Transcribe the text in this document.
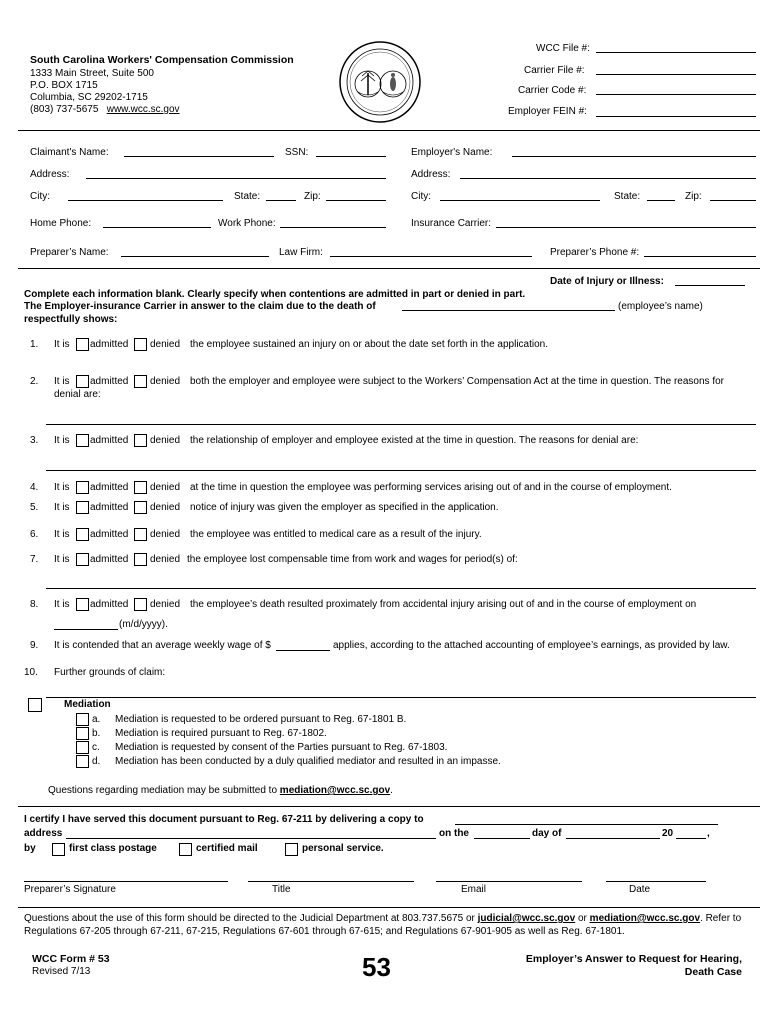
South Carolina Workers' Compensation Commission
1333 Main Street, Suite 500
P.O. BOX 1715
Columbia, SC 29202-1715
(803) 737-5675 www.wcc.sc.gov
WCC File #:
Carrier File #:
Carrier Code #:
Employer FEIN #:
Claimant's Name:	SSN:	Employer's Name:
Address:	Address:
City:	State:	Zip:	City:	State:	Zip:
Home Phone:	Work Phone:	Insurance Carrier:
Preparer’s Name:	Law Firm:	Preparer’s Phone #:
Date of Injury or Illness:
Complete each information blank. Clearly specify when contentions are admitted in part or denied in part.
The Employer-insurance Carrier in answer to the claim due to the death of	(employee’s name)
respectfully shows:
1. It is admitted denied the employee sustained an injury on or about the date set forth in the application.
2. It is admitted denied both the employer and employee were subject to the Workers’ Compensation Act at the time in question. The reasons for
denial are:
3. It is admitted denied the relationship of employer and employee existed at the time in question. The reasons for denial are:
4. It is admitted denied at the time in question the employee was performing services arising out of and in the course of employment.
5. It is admitted denied notice of injury was given the employer as specified in the application.
6. It is admitted denied the employee was entitled to medical care as a result of the injury.
7. It is admitted denied the employee lost compensable time from work and wages for period(s) of:
8. It is admitted denied the employee’s death resulted proximately from accidental injury arising out of and in the course of employment on
(m/d/yyyy).
9. It is contended that an average weekly wage of $	applies, according to the attached accounting of employee’s earnings, as provided by law.
10. Further grounds of claim:
Mediation
a. Mediation is requested to be ordered pursuant to Reg. 67-1801 B.
b. Mediation is required pursuant to Reg. 67-1802.
c. Mediation is requested by consent of the Parties pursuant to Reg. 67-1803.
d. Mediation has been conducted by a duly qualified mediator and resulted in an impasse.
Questions regarding mediation may be submitted to mediation@wcc.sc.gov.
I certify I have served this document pursuant to Reg. 67-211 by delivering a copy to
address	on the	day of	20	,
by	first class postage	certified mail	personal service.
Preparer’s Signature	Title	Email	Date
Questions about the use of this form should be directed to the Judicial Department at 803.737.5675 or judicial@wcc.sc.gov or mediation@wcc.sc.gov. Refer to
Regulations 67-205 through 67-211, 67-215, Regulations 67-601 through 67-615; and Regulations 67-901-905 as well as Reg. 67-1801.
WCC Form # 53
Revised 7/13	53	Employer’s Answer to Request for Hearing,
Death Case
